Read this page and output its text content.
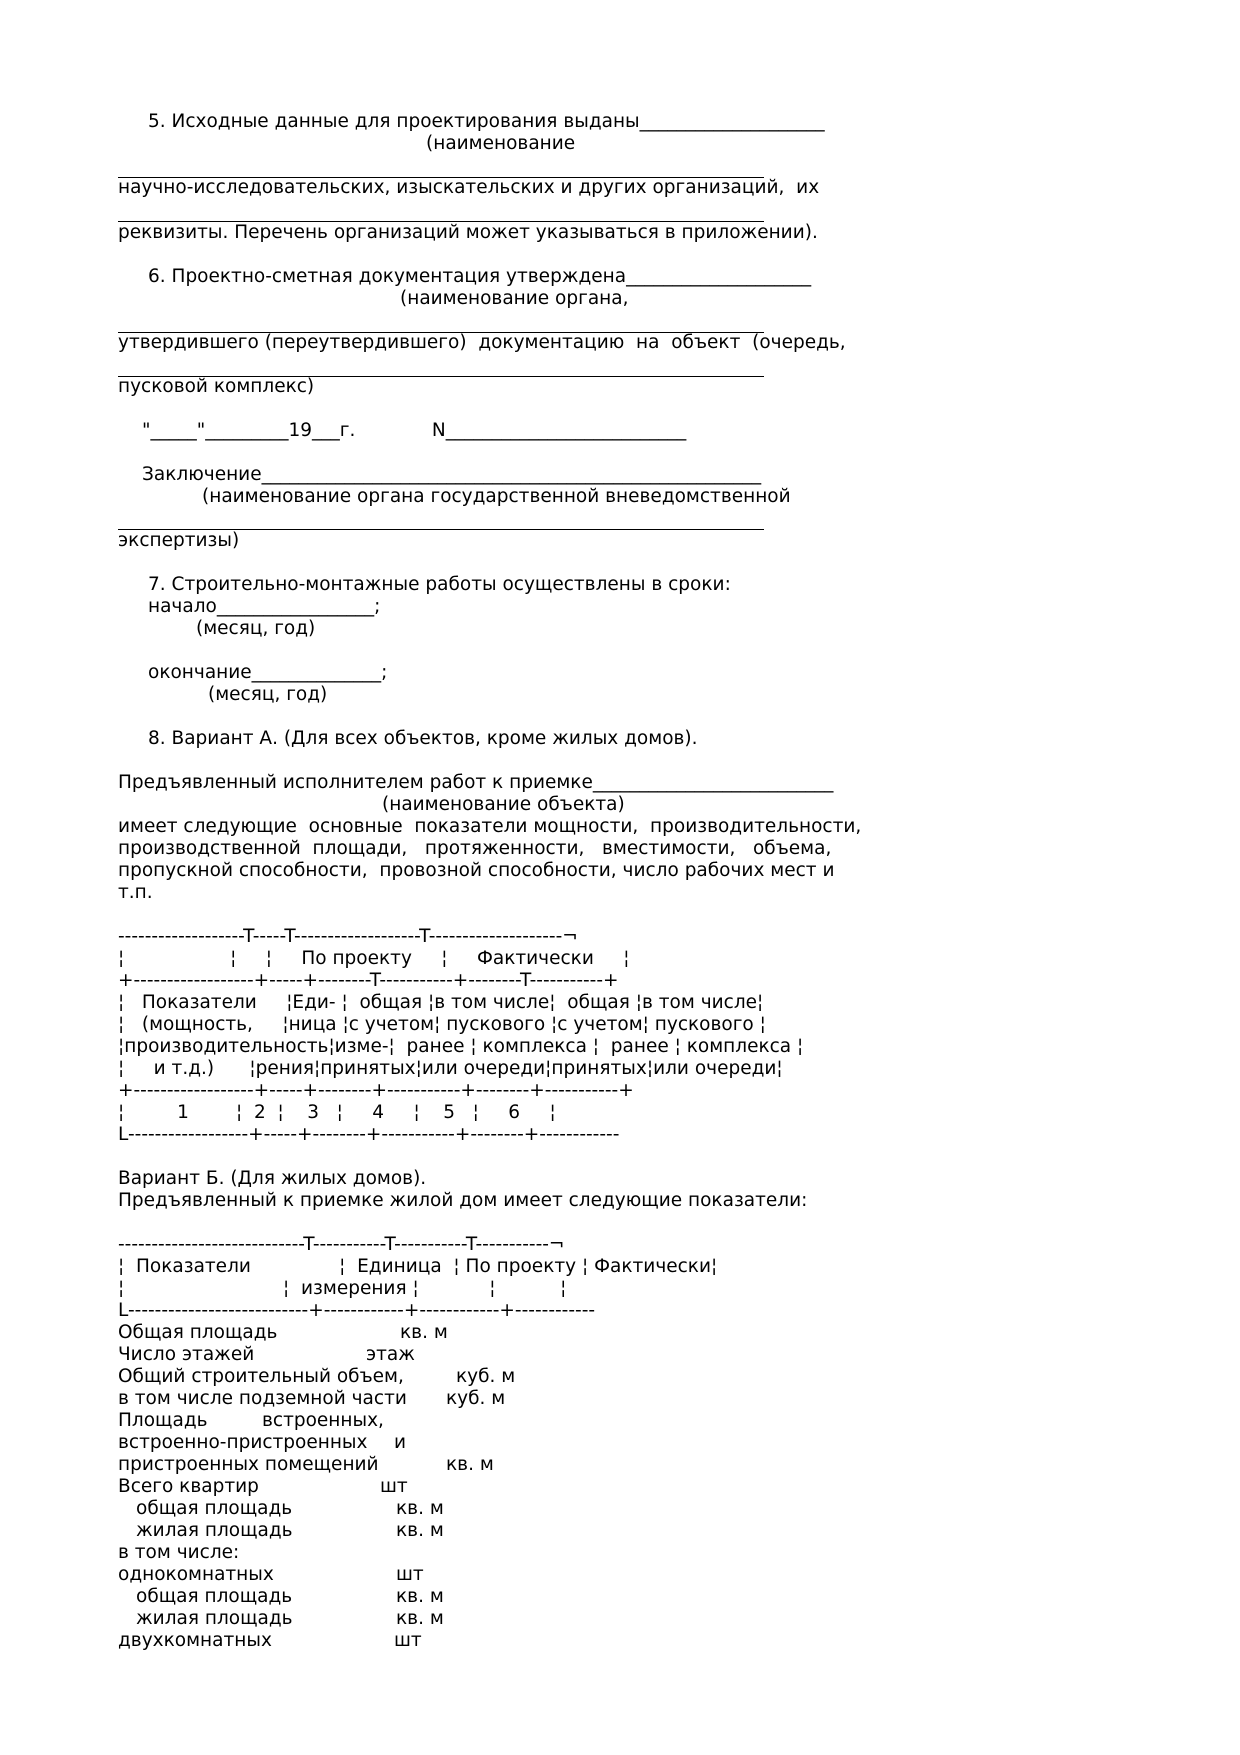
5. Исходные данные для проектирования выданы____________________

(наименование

научно-исследовательских, изыскательских и других организаций,  их

реквизиты. Перечень организаций может указываться в приложении).

6. Проектно-сметная документация утверждена____________________

(наименование органа,

утвердившего (переутвердившего)  документацию  на  объект  (очередь,

пусковой комплекс)

"_____"_________19___г.             N__________________________

Заключение______________________________________________________

(наименование органа государственной вневедомственной

экспертизы)

7. Строительно-монтажные работы осуществлены в сроки:

начало_________________;

(месяц, год)

окончание______________;

(месяц, год)

8. Вариант А. (Для всех объектов, кроме жилых домов).

Предъявленный исполнителем работ к приемке__________________________

(наименование объекта)

имеет следующие  основные  показатели мощности,  производительности,

производственной  площади,   протяженности,   вместимости,   объема,

пропускной способности,  провозной способности, число рабочих мест и

т.п.

-------------------T-----T-------------------T--------------------¬

¦                  ¦     ¦     По проекту     ¦     Фактически     ¦

+------------------+-----+--------T-----------+--------T-----------+

¦   Показатели     ¦Еди- ¦  общая ¦в том числе¦  общая ¦в том числе¦

¦   (мощность,     ¦ница ¦с учетом¦ пускового ¦с учетом¦ пускового ¦

¦производительность¦изме-¦  ранее ¦ комплекса ¦  ранее ¦ комплекса ¦

¦     и т.д.)      ¦рения¦принятых¦или очереди¦принятых¦или очереди¦

+------------------+-----+--------+-----------+--------+-----------+

¦         1        ¦  2  ¦    3   ¦     4     ¦    5   ¦     6     ¦

L------------------+-----+--------+-----------+--------+------------

Вариант Б. (Для жилых домов).

Предъявленный к приемке жилой дом имеет следующие показатели:

----------------------------T-----------T-----------T-----------¬

¦  Показатели               ¦  Единица  ¦ По проекту ¦ Фактически¦

¦                           ¦  измерения ¦            ¦           ¦

L---------------------------+------------+------------+------------

Общая площадь	кв. м

Число этажей	этаж

Общий строительный объем,	куб. м

в том числе подземной части куб. м

Площадь	встроенных,

встроенно-пристроенных и

пристроенных помещений	кв. м

Всего квартир	шт

общая площадь	кв. м

жилая площадь	кв. м

в том числе:

однокомнатных	шт

общая площадь	кв. м

жилая площадь	кв. м

двухкомнатных	шт
